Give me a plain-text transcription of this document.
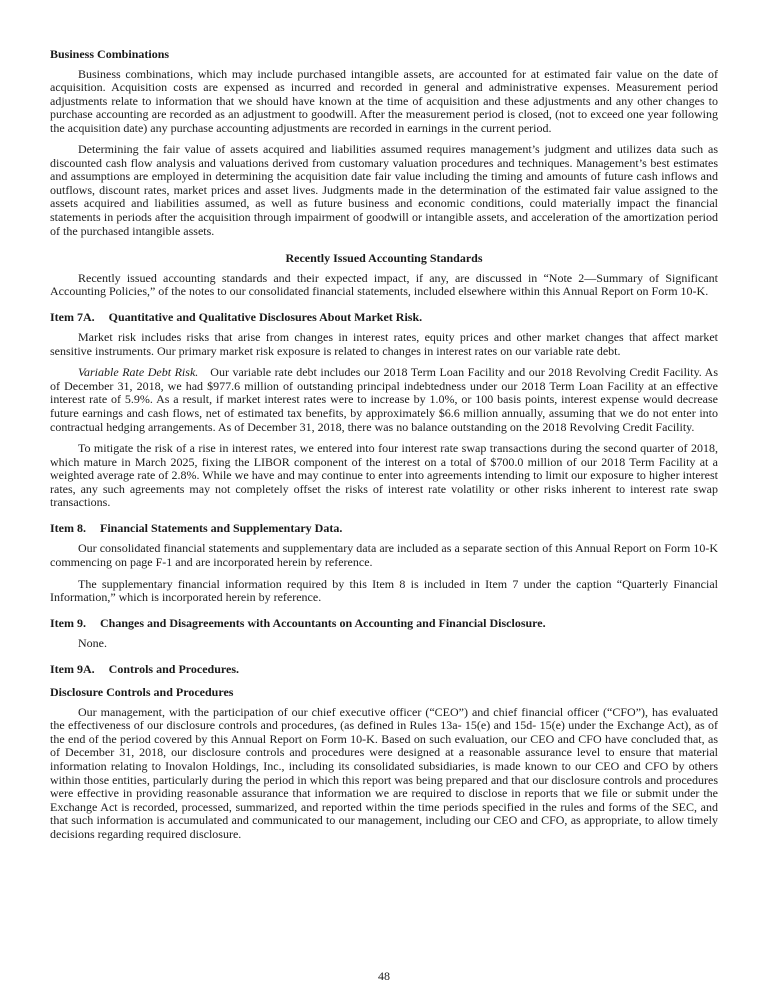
Business Combinations

Business combinations, which may include purchased intangible assets, are accounted for at estimated fair value on the date of acquisition. Acquisition costs are expensed as incurred and recorded in general and administrative expenses. Measurement period adjustments relate to information that we should have known at the time of acquisition and these adjustments and any other changes to purchase accounting are recorded as an adjustment to goodwill. After the measurement period is closed, (not to exceed one year following the acquisition date) any purchase accounting adjustments are recorded in earnings in the current period.

Determining the fair value of assets acquired and liabilities assumed requires management’s judgment and utilizes data such as discounted cash flow analysis and valuations derived from customary valuation procedures and techniques. Management’s best estimates and assumptions are employed in determining the acquisition date fair value including the timing and amounts of future cash inflows and outflows, discount rates, market prices and asset lives. Judgments made in the determination of the estimated fair value assigned to the assets acquired and liabilities assumed, as well as future business and economic conditions, could materially impact the financial statements in periods after the acquisition through impairment of goodwill or intangible assets, and acceleration of the amortization period of the purchased intangible assets.

Recently Issued Accounting Standards

Recently issued accounting standards and their expected impact, if any, are discussed in “Note 2—Summary of Significant Accounting Policies,” of the notes to our consolidated financial statements, included elsewhere within this Annual Report on Form 10-K.

Item 7A. Quantitative and Qualitative Disclosures About Market Risk.

Market risk includes risks that arise from changes in interest rates, equity prices and other market changes that affect market sensitive instruments. Our primary market risk exposure is related to changes in interest rates on our variable rate debt.

Variable Rate Debt Risk. Our variable rate debt includes our 2018 Term Loan Facility and our 2018 Revolving Credit Facility. As of December 31, 2018, we had $977.6 million of outstanding principal indebtedness under our 2018 Term Loan Facility at an effective interest rate of 5.9%. As a result, if market interest rates were to increase by 1.0%, or 100 basis points, interest expense would decrease future earnings and cash flows, net of estimated tax benefits, by approximately $6.6 million annually, assuming that we do not enter into contractual hedging arrangements. As of December 31, 2018, there was no balance outstanding on the 2018 Revolving Credit Facility.

To mitigate the risk of a rise in interest rates, we entered into four interest rate swap transactions during the second quarter of 2018, which mature in March 2025, fixing the LIBOR component of the interest on a total of $700.0 million of our 2018 Term Facility at a weighted average rate of 2.8%. While we have and may continue to enter into agreements intending to limit our exposure to higher interest rates, any such agreements may not completely offset the risks of interest rate volatility or other risks inherent to interest rate swap transactions.

Item 8. Financial Statements and Supplementary Data.

Our consolidated financial statements and supplementary data are included as a separate section of this Annual Report on Form 10-K commencing on page F-1 and are incorporated herein by reference.

The supplementary financial information required by this Item 8 is included in Item 7 under the caption “Quarterly Financial Information,” which is incorporated herein by reference.

Item 9. Changes and Disagreements with Accountants on Accounting and Financial Disclosure.

None.

Item 9A. Controls and Procedures.
Disclosure Controls and Procedures

Our management, with the participation of our chief executive officer (“CEO”) and chief financial officer (“CFO”), has evaluated the effectiveness of our disclosure controls and procedures, (as defined in Rules 13a- 15(e) and 15d- 15(e) under the Exchange Act), as of the end of the period covered by this Annual Report on Form 10-K. Based on such evaluation, our CEO and CFO have concluded that, as of December 31, 2018, our disclosure controls and procedures were designed at a reasonable assurance level to ensure that material information relating to Inovalon Holdings, Inc., including its consolidated subsidiaries, is made known to our CEO and CFO by others within those entities, particularly during the period in which this report was being prepared and that our disclosure controls and procedures were effective in providing reasonable assurance that information we are required to disclose in reports that we file or submit under the Exchange Act is recorded, processed, summarized, and reported within the time periods specified in the rules and forms of the SEC, and that such information is accumulated and communicated to our management, including our CEO and CFO, as appropriate, to allow timely decisions regarding required disclosure.

48
